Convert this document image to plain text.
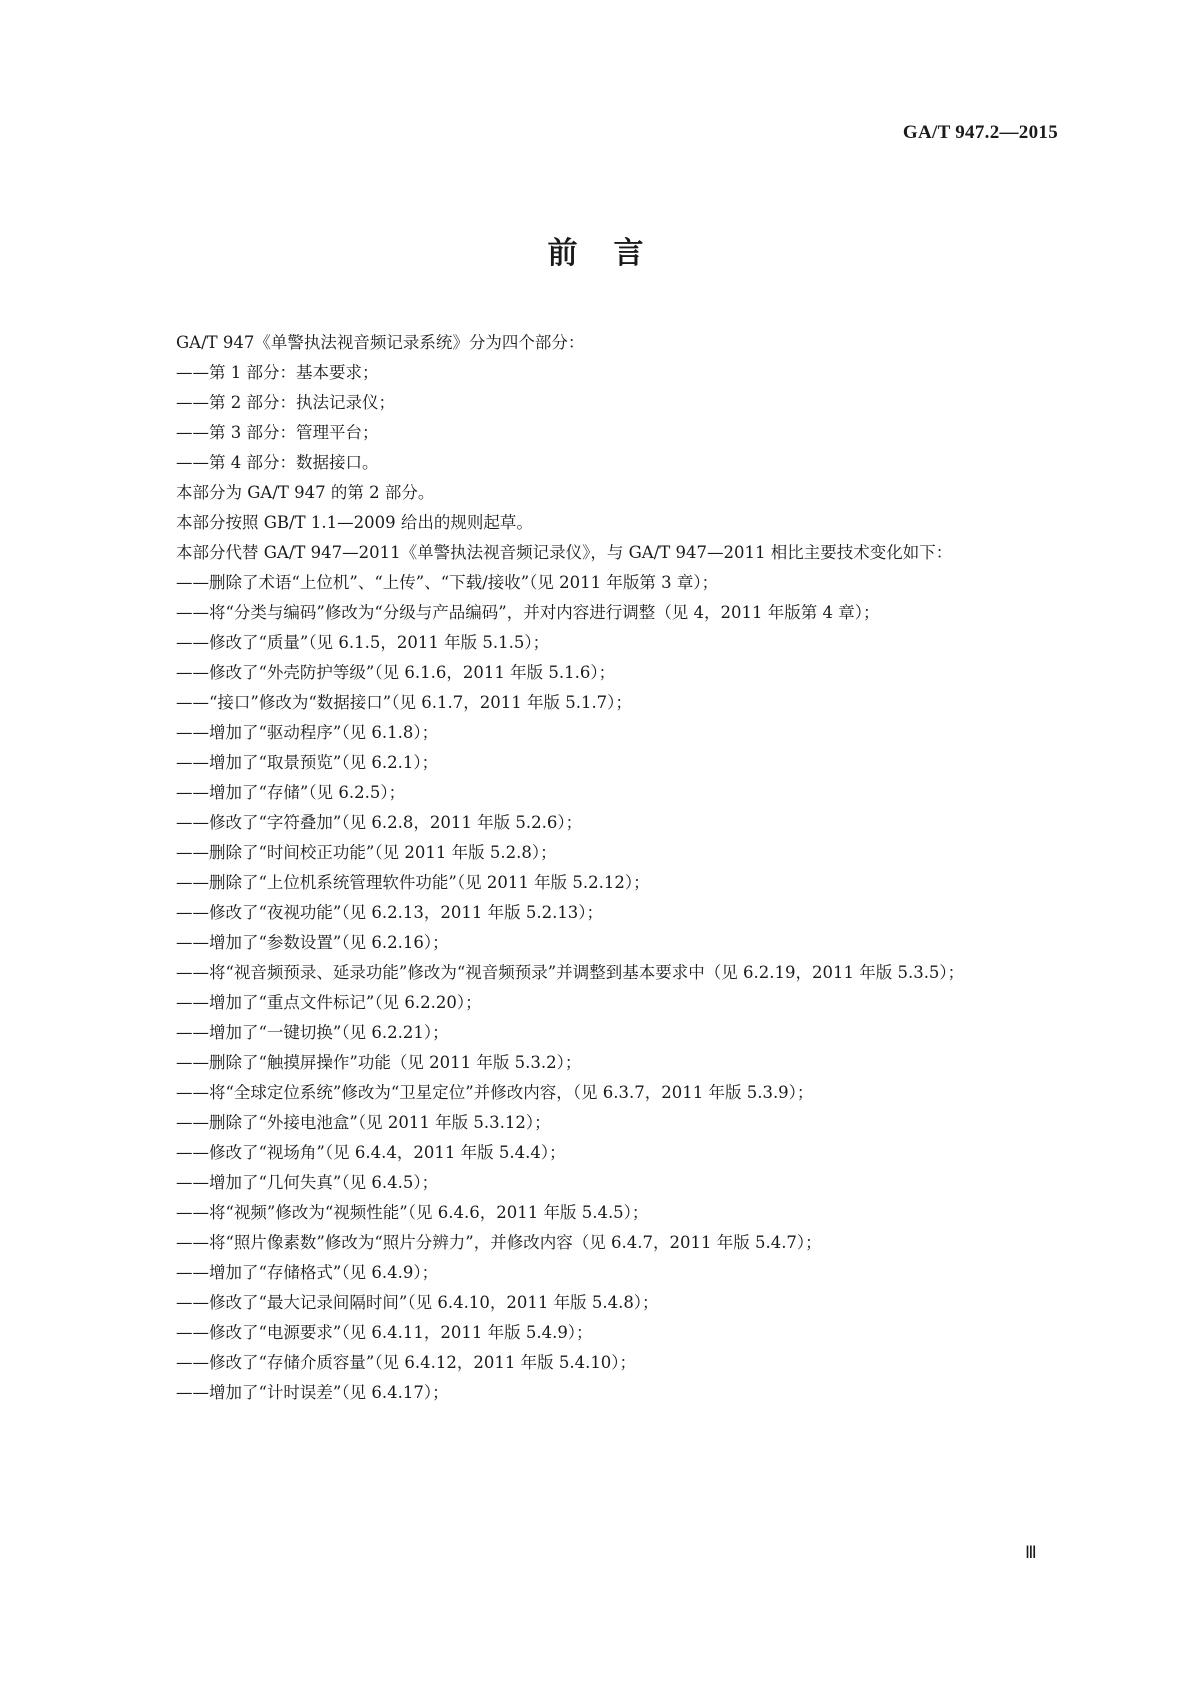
GA/T 947.2—2015
前言
GA/T 947《单警执法视音频记录系统》分为四个部分：
——第 1 部分：基本要求；
——第 2 部分：执法记录仪；
——第 3 部分：管理平台；
——第 4 部分：数据接口。
本部分为 GA/T 947 的第 2 部分。
本部分按照 GB/T 1.1—2009 给出的规则起草。
本部分代替 GA/T 947—2011《单警执法视音频记录仪》，与 GA/T 947—2011 相比主要技术变化如下：
——删除了术语“上位机”、“上传”、“下载/接收”（见 2011 年版第 3 章）；
——将“分类与编码”修改为“分级与产品编码”，并对内容进行调整（见 4，2011 年版第 4 章）；
——修改了“质量”（见 6.1.5，2011 年版 5.1.5）；
——修改了“外壳防护等级”（见 6.1.6，2011 年版 5.1.6）；
——“接口”修改为“数据接口”（见 6.1.7，2011 年版 5.1.7）；
——增加了“驱动程序”（见 6.1.8）；
——增加了“取景预览”（见 6.2.1）；
——增加了“存储”（见 6.2.5）；
——修改了“字符叠加”（见 6.2.8，2011 年版 5.2.6）；
——删除了“时间校正功能”（见 2011 年版 5.2.8）；
——删除了“上位机系统管理软件功能”（见 2011 年版 5.2.12）；
——修改了“夜视功能”（见 6.2.13，2011 年版 5.2.13）；
——增加了“参数设置”（见 6.2.16）；
——将“视音频预录、延录功能”修改为“视音频预录”并调整到基本要求中（见 6.2.19，2011 年版 5.3.5）；
——增加了“重点文件标记”（见 6.2.20）；
——增加了“一键切换”（见 6.2.21）；
——删除了“触摸屏操作”功能（见 2011 年版 5.3.2）；
——将“全球定位系统”修改为“卫星定位”并修改内容，（见 6.3.7，2011 年版 5.3.9）；
——删除了“外接电池盒”（见 2011 年版 5.3.12）；
——修改了“视场角”（见 6.4.4，2011 年版 5.4.4）；
——增加了“几何失真”（见 6.4.5）；
——将“视频”修改为“视频性能”（见 6.4.6，2011 年版 5.4.5）；
——将“照片像素数”修改为“照片分辨力”，并修改内容（见 6.4.7，2011 年版 5.4.7）；
——增加了“存储格式”（见 6.4.9）；
——修改了“最大记录间隔时间”（见 6.4.10，2011 年版 5.4.8）；
——修改了“电源要求”（见 6.4.11，2011 年版 5.4.9）；
——修改了“存储介质容量”（见 6.4.12，2011 年版 5.4.10）；
——增加了“计时误差”（见 6.4.17）；
Ⅲ
